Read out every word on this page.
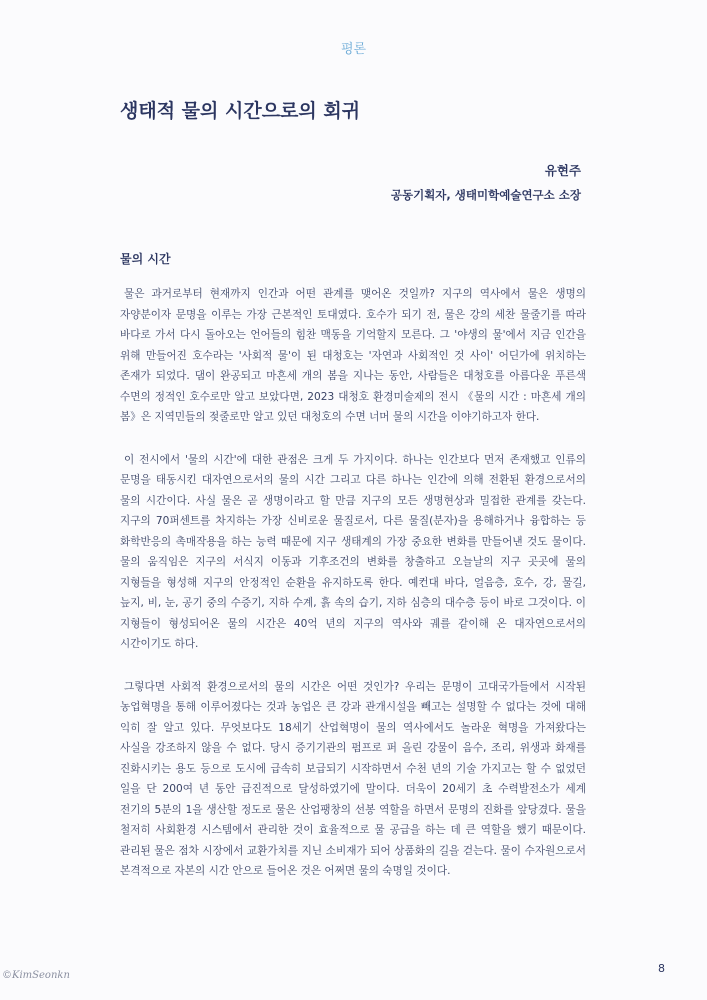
평론
생태적 물의 시간으로의 회귀
유현주
공동기획자, 생태미학예술연구소 소장
물의 시간

물은 과거로부터 현재까지 인간과 어떤 관계를 맺어온 것일까? 지구의 역사에서 물은 생명의 자양분이자 문명을 이루는 가장 근본적인 토대였다. 호수가 되기 전, 물은 강의 세찬 물줄기를 따라 바다로 가서 다시 돌아오는 언어들의 힘찬 맥동을 기억할지 모른다. 그 '야생의 물'에서 지금 인간을 위해 만들어진 호수라는 '사회적 물'이 된 대청호는 '자연과 사회적인 것 사이' 어딘가에 위치하는 존재가 되었다. 댐이 완공되고 마흔세 개의 봄을 지나는 동안, 사람들은 대청호를 아름다운 푸른색 수면의 정적인 호수로만 알고 보았다면, 2023 대청호 환경미술제의 전시 《물의 시간 : 마흔세 개의 봄》은 지역민들의 젖줄로만 알고 있던 대청호의 수면 너머 물의 시간을 이야기하고자 한다.

이 전시에서 '물의 시간'에 대한 관점은 크게 두 가지이다. 하나는 인간보다 먼저 존재했고 인류의 문명을 태동시킨 대자연으로서의 물의 시간 그리고 다른 하나는 인간에 의해 전환된 환경으로서의 물의 시간이다. 사실 물은 곧 생명이라고 할 만큼 지구의 모든 생명현상과 밀접한 관계를 갖는다. 지구의 70퍼센트를 차지하는 가장 신비로운 물질로서, 다른 물질(분자)을 용해하거나 융합하는 등 화학반응의 촉매작용을 하는 능력 때문에 지구 생태계의 가장 중요한 변화를 만들어낸 것도 물이다. 물의 움직임은 지구의 서식지 이동과 기후조건의 변화를 창출하고 오늘날의 지구 곳곳에 물의 지형들을 형성해 지구의 안정적인 순환을 유지하도록 한다. 예컨대 바다, 얼음층, 호수, 강, 물길, 늪지, 비, 눈, 공기 중의 수증기, 지하 수계, 흙 속의 습기, 지하 심층의 대수층 등이 바로 그것이다. 이 지형들이 형성되어온 물의 시간은 40억 년의 지구의 역사와 궤를 같이해 온 대자연으로서의 시간이기도 하다.

그렇다면 사회적 환경으로서의 물의 시간은 어떤 것인가? 우리는 문명이 고대국가들에서 시작된 농업혁명을 통해 이루어졌다는 것과 농업은 큰 강과 관개시설을 빼고는 설명할 수 없다는 것에 대해 익히 잘 알고 있다. 무엇보다도 18세기 산업혁명이 물의 역사에서도 놀라운 혁명을 가져왔다는 사실을 강조하지 않을 수 없다. 당시 증기기관의 펌프로 퍼 올린 강물이 음수, 조리, 위생과 화재를 진화시키는 용도 등으로 도시에 급속히 보급되기 시작하면서 수천 년의 기술 가지고는 할 수 없었던 일을 단 200여 년 동안 급진적으로 달성하였기에 말이다. 더욱이 20세기 초 수력발전소가 세계 전기의 5분의 1을 생산할 정도로 물은 산업팽창의 선봉 역할을 하면서 문명의 진화를 앞당겼다. 물을 철저히 사회환경 시스템에서 관리한 것이 효율적으로 물 공급을 하는 데 큰 역할을 했기 때문이다. 관리된 물은 점차 시장에서 교환가치를 지닌 소비재가 되어 상품화의 길을 걷는다. 물이 수자원으로서 본격적으로 자본의 시간 안으로 들어온 것은 어쩌면 물의 숙명일 것이다.

8
©KimSeonkn
